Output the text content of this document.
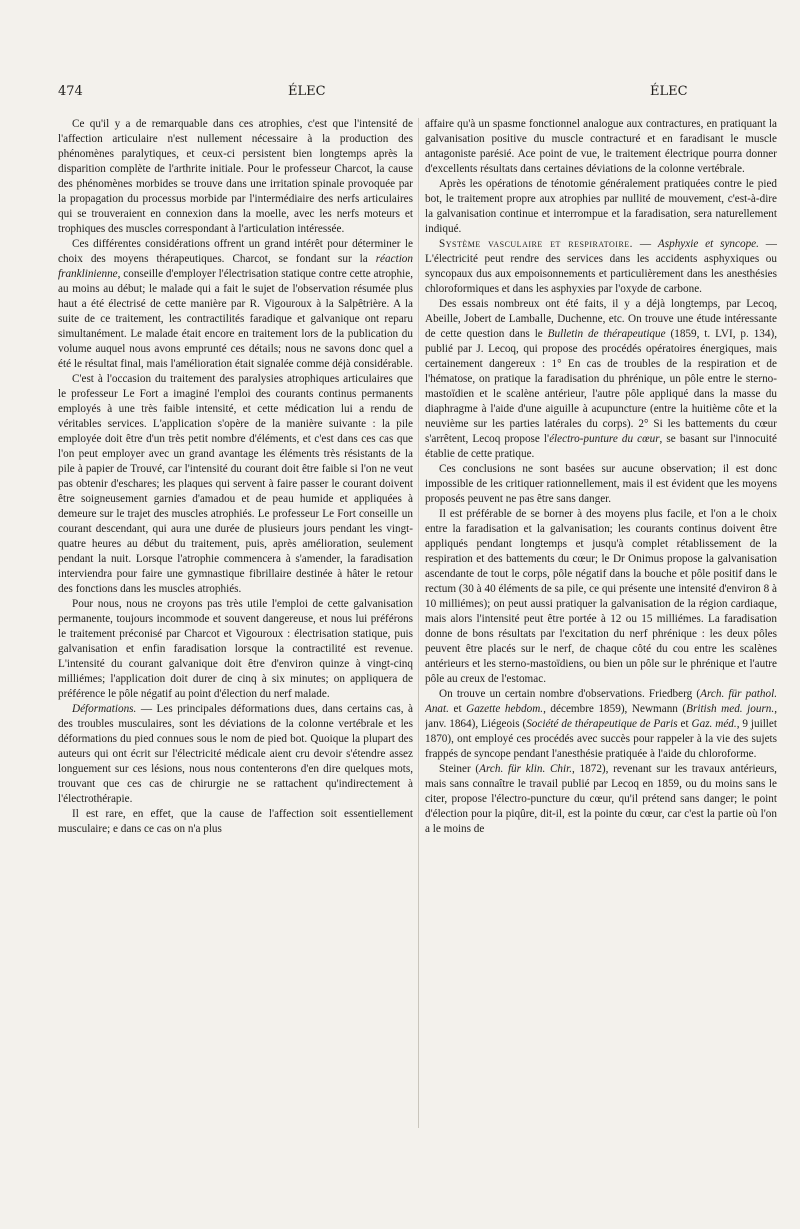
474	ÉLEC	ÉLEC

Ce qu'il y a de remarquable dans ces atrophies, c'est que l'intensité de l'affection articulaire n'est nullement nécessaire à la production des phénomènes paralytiques, et ceux-ci persistent bien longtemps après la disparition complète de l'arthrite initiale. Pour le professeur Charcot, la cause des phénomènes morbides se trouve dans une irritation spinale provoquée par la propagation du processus morbide par l'intermédiaire des nerfs articulaires qui se trouveraient en connexion dans la moelle, avec les nerfs moteurs et trophiques des muscles correspondant à l'articulation intéressée.

Ces différentes considérations offrent un grand intérêt pour déterminer le choix des moyens thérapeutiques. Charcot, se fondant sur la réaction franklinienne, conseille d'employer l'électrisation statique contre cette atrophie, au moins au début; le malade qui a fait le sujet de l'observation résumée plus haut a été électrisé de cette manière par R. Vigouroux à la Salpêtrière. A la suite de ce traitement, les contractilités faradique et galvanique ont reparu simultanément. Le malade était encore en traitement lors de la publication du volume auquel nous avons emprunté ces détails; nous ne savons donc quel a été le résultat final, mais l'amélioration était signalée comme déjà considérable.

C'est à l'occasion du traitement des paralysies atrophiques articulaires que le professeur Le Fort a imaginé l'emploi des courants continus permanents employés à une très faible intensité, et cette médication lui a rendu de véritables services. L'application s'opère de la manière suivante : la pile employée doit être d'un très petit nombre d'éléments, et c'est dans ces cas que l'on peut employer avec un grand avantage les éléments très résistants de la pile à papier de Trouvé, car l'intensité du courant doit être faible si l'on ne veut pas obtenir d'eschares; les plaques qui servent à faire passer le courant doivent être soigneusement garnies d'amadou et de peau humide et appliquées à demeure sur le trajet des muscles atrophiés. Le professeur Le Fort conseille un courant descendant, qui aura une durée de plusieurs jours pendant les vingt-quatre heures au début du traitement, puis, après amélioration, seulement pendant la nuit. Lorsque l'atrophie commencera à s'amender, la faradisation interviendra pour faire une gymnastique fibrillaire destinée à hâter le retour des fonctions dans les muscles atrophiés.

Pour nous, nous ne croyons pas très utile l'emploi de cette galvanisation permanente, toujours incommode et souvent dangereuse, et nous lui préférons le traitement préconisé par Charcot et Vigouroux : électrisation statique, puis galvanisation et enfin faradisation lorsque la contractilité est revenue. L'intensité du courant galvanique doit être d'environ quinze à vingt-cinq milliémes; l'application doit durer de cinq à six minutes; on appliquera de préférence le pôle négatif au point d'élection du nerf malade.

Déformations. — Les principales déformations dues, dans certains cas, à des troubles musculaires, sont les déviations de la colonne vertébrale et les déformations du pied connues sous le nom de pied bot. Quoique la plupart des auteurs qui ont écrit sur l'électricité médicale aient cru devoir s'étendre assez longuement sur ces lésions, nous nous contenterons d'en dire quelques mots, trouvant que ces cas de chirurgie ne se rattachent qu'indirectement à l'électrothérapie.

Il est rare, en effet, que la cause de l'affection soit essentiellement musculaire; e dans ce cas on n'a plus

affaire qu'à un spasme fonctionnel analogue aux contractures, en pratiquant la galvanisation positive du muscle contracturé et en faradisant le muscle antagoniste parésié. Ace point de vue, le traitement électrique pourra donner d'excellents résultats dans certaines déviations de la colonne vertébrale.

Après les opérations de ténotomie généralement pratiquées contre le pied bot, le traitement propre aux atrophies par nullité de mouvement, c'est-à-dire la galvanisation continue et interrompue et la faradisation, sera naturellement indiqué.

Système vasculaire et respiratoire. — Asphyxie et syncope. — L'électricité peut rendre des services dans les accidents asphyxiques ou syncopaux dus aux empoisonnements et particulièrement dans les anesthésies chloroformiques et dans les asphyxies par l'oxyde de carbone.

Des essais nombreux ont été faits, il y a déjà longtemps, par Lecoq, Abeille, Jobert de Lamballe, Duchenne, etc. On trouve une étude intéressante de cette question dans le Bulletin de thérapeutique (1859, t. LVI, p. 134), publié par J. Lecoq, qui propose des procédés opératoires énergiques, mais certainement dangereux : 1° En cas de troubles de la respiration et de l'hématose, on pratique la faradisation du phrénique, un pôle entre le sterno-mastoïdien et le scalène antérieur, l'autre pôle appliqué dans la masse du diaphragme à l'aide d'une aiguille à acupuncture (entre la huitième côte et la neuvième sur les parties latérales du corps). 2° Si les battements du cœur s'arrêtent, Lecoq propose l'électro-punture du cœur, se basant sur l'innocuité établie de cette pratique.

Ces conclusions ne sont basées sur aucune observation; il est donc impossible de les critiquer rationnellement, mais il est évident que les moyens proposés peuvent ne pas être sans danger.

Il est préférable de se borner à des moyens plus facile, et l'on a le choix entre la faradisation et la galvanisation; les courants continus doivent être appliqués pendant longtemps et jusqu'à complet rétablissement de la respiration et des battements du cœur; le Dr Onimus propose la galvanisation ascendante de tout le corps, pôle négatif dans la bouche et pôle positif dans le rectum (30 à 40 éléments de sa pile, ce qui présente une intensité d'environ 8 à 10 milliémes); on peut aussi pratiquer la galvanisation de la région cardiaque, mais alors l'intensité peut être portée à 12 ou 15 milliémes. La faradisation donne de bons résultats par l'excitation du nerf phrénique : les deux pôles peuvent être placés sur le nerf, de chaque côté du cou entre les scalènes antérieurs et les sterno-mastoïdiens, ou bien un pôle sur le phrénique et l'autre pôle au creux de l'estomac.

On trouve un certain nombre d'observations. Friedberg (Arch. für pathol. Anat. et Gazette hebdom., décembre 1859), Newmann (British med. journ., janv. 1864), Liégeois (Société de thérapeutique de Paris et Gaz. méd., 9 juillet 1870), ont employé ces procédés avec succès pour rappeler à la vie des sujets frappés de syncope pendant l'anesthésie pratiquée à l'aide du chloroforme.

Steiner (Arch. für klin. Chir., 1872), revenant sur les travaux antérieurs, mais sans connaître le travail publié par Lecoq en 1859, ou du moins sans le citer, propose l'électro-puncture du cœur, qu'il prétend sans danger; le point d'élection pour la piqûre, dit-il, est la pointe du cœur, car c'est la partie où l'on a le moins de
